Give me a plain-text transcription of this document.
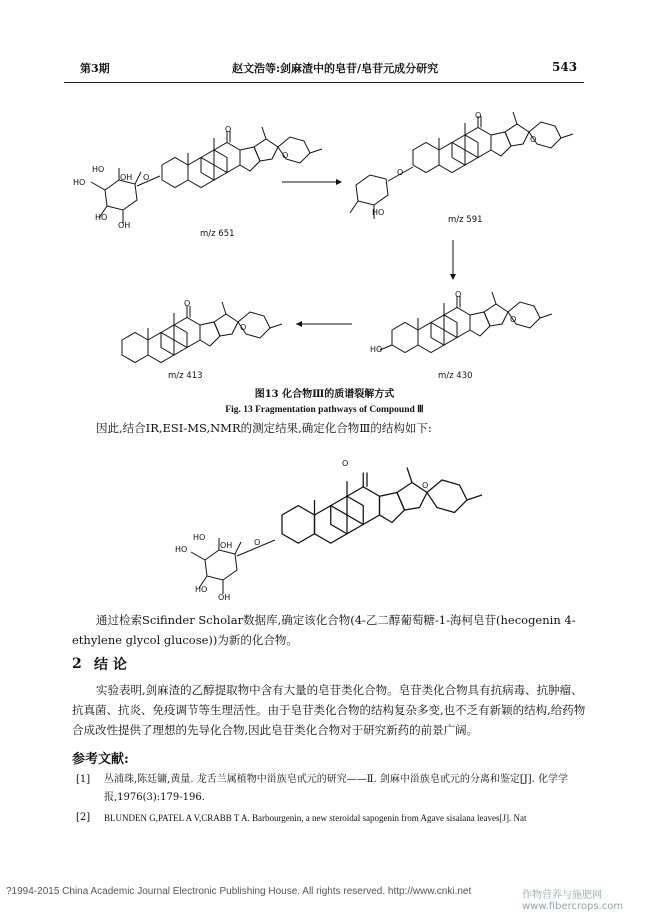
第3期	赵文浩等:剑麻渣中的皂苷/皂苷元成分研究	543
O
O
O
HO
HO
OH
HO
OH
O
O
O
HO
O
O
HO
O
O
O
O
O
HO
HO
OH
HO
OH
m/z 651
m/z 591
m/z 413	m/z 430
图13 化合物Ⅲ的质谱裂解方式
Fig. 13 Fragmentation pathways of Compound Ⅲ
因此,结合IR,ESI-MS,NMR的测定结果,确定化合物Ⅲ的结构如下:
通过检索Scifinder Scholar数据库,确定该化合物(4-乙二醇葡萄糖-1-海柯皂苷(hecogenin 4-
ethylene glycol glucose))为新的化合物。
2 结 论
实验表明,剑麻渣的乙醇提取物中含有大量的皂苷类化合物。皂苷类化合物具有抗病毒、抗肿瘤、
抗真菌、抗炎、免疫调节等生理活性。由于皂苷类化合物的结构复杂多变,也不乏有新颖的结构,给药物
合成改性提供了理想的先导化合物,因此皂苷类化合物对于研究新药的前景广阔。
参考文献:
[1] 丛浦珠,陈廷镛,黄量. 龙舌兰属植物中甾族皂甙元的研究——Ⅱ. 剑麻中甾族皂甙元的分离和鉴定[J]. 化学学
报,1976(3):179-196.
[2] BLUNDEN G,PATEL A V,CRABB T A. Barbourgenin, a new steroidal sapogenin from Agave sisalana leaves[J]. Nat
?1994-2015 China Academic Journal Electronic Publishing House. All rights reserved. http://www.cnki.net	作物营养与施肥网 www.fibercrops.com
